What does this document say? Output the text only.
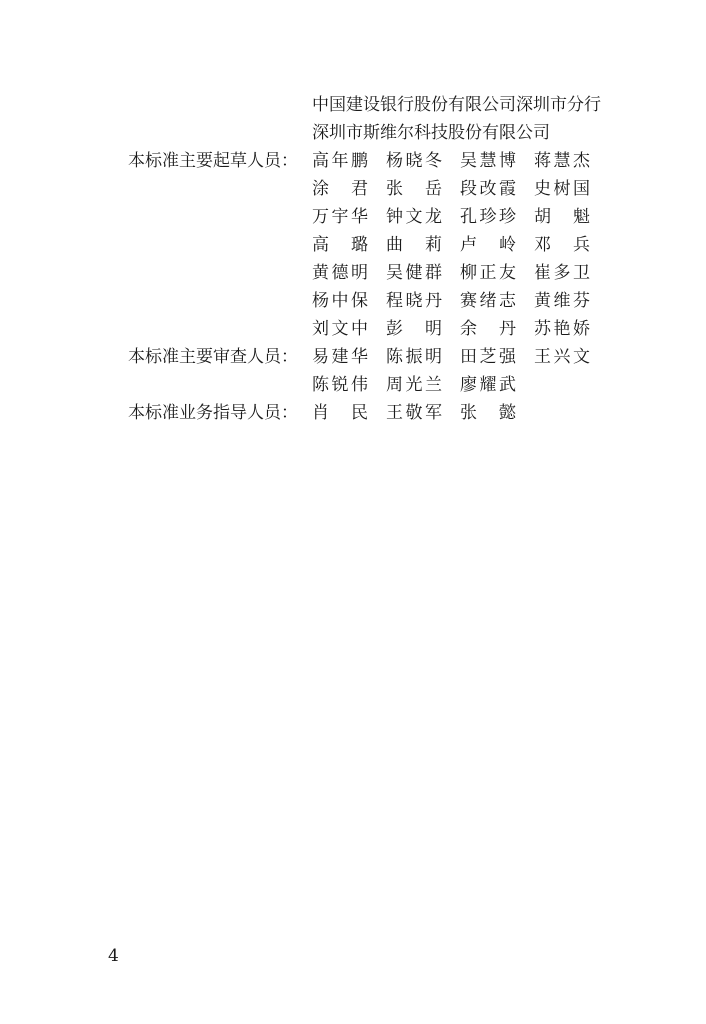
中国建设银行股份有限公司深圳市分行
深圳市斯维尔科技股份有限公司
本标准主要起草人员： 高 年 鹏 杨 晓 冬 吴 慧 博 蒋 慧 杰
涂 君 张 岳 段 改 霞 史 树 国
万 宇 华 钟 文 龙 孔 珍 珍 胡 魁
高 璐 曲 莉 卢 岭 邓 兵
黄 德 明 吴 健 群 柳 正 友 崔 多 卫
杨 中 保 程 晓 丹 赛 绪 志 黄 维 芬
刘 文 中 彭 明 余 丹 苏 艳 娇
本标准主要审查人员： 易 建 华 陈 振 明 田 芝 强 王 兴 文
陈 锐 伟 周 光 兰 廖 耀 武
本标准业务指导人员： 肖 民 王 敬 军 张 懿
4
